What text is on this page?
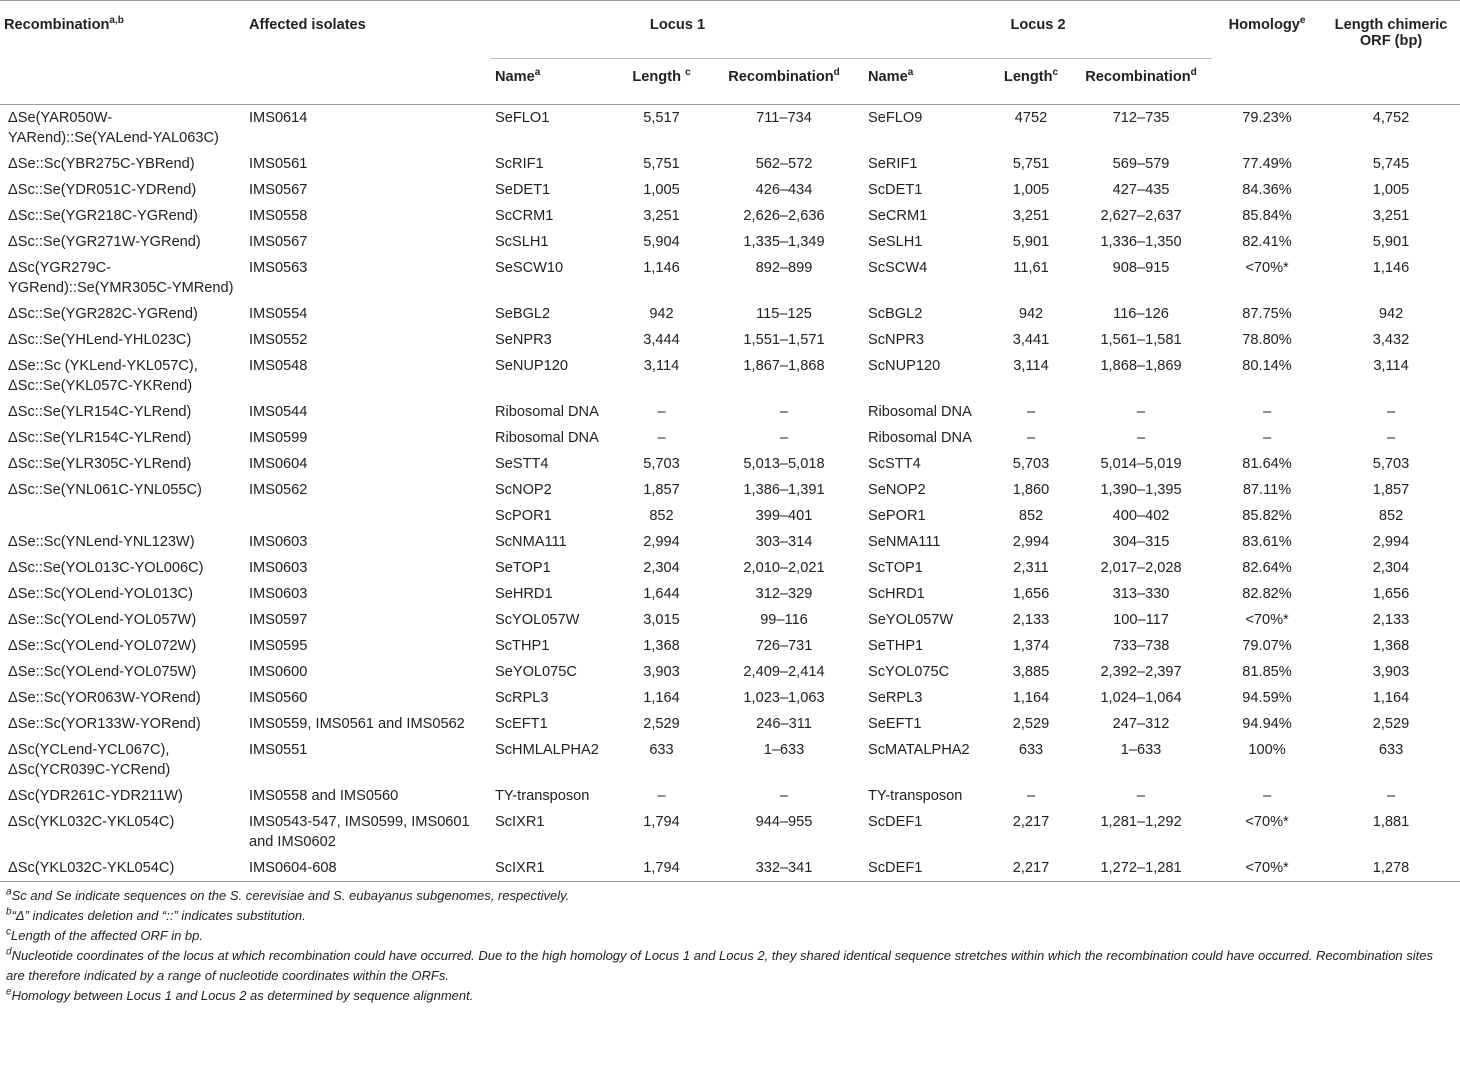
Recombination$^{a,b}$	Affected isolates	Locus 1			Locus 2			Homology$^e$	Length chimeric ORF (bp)
		Name$^a$	Length $^c$	Recombination$^d$	Name$^a$	Length$^c$	Recombination$^d$		
ΔSe(YAR050W-YARend)::Se(YALend-YAL063C)	IMS0614	SeFLO1	5,517	711–734	SeFLO9	4752	712–735	79.23%	4,752
ΔSe::Sc(YBR275C-YBRend)	IMS0561	ScRIF1	5,751	562–572	SeRIF1	5,751	569–579	77.49%	5,745
ΔSc::Se(YDR051C-YDRend)	IMS0567	SeDET1	1,005	426–434	ScDET1	1,005	427–435	84.36%	1,005
ΔSc::Se(YGR218C-YGRend)	IMS0558	ScCRM1	3,251	2,626–2,636	SeCRM1	3,251	2,627–2,637	85.84%	3,251
ΔSc::Se(YGR271W-YGRend)	IMS0567	ScSLH1	5,904	1,335–1,349	SeSLH1	5,901	1,336–1,350	82.41%	5,901
ΔSc(YGR279C-YGRend)::Se(YMR305C-YMRend)	IMS0563	SeSCW10	1,146	892–899	ScSCW4	11,61	908–915	<70%*	1,146
ΔSc::Se(YGR282C-YGRend)	IMS0554	SeBGL2	942	115–125	ScBGL2	942	116–126	87.75%	942
ΔSc::Se(YHLend-YHL023C)	IMS0552	SeNPR3	3,444	1,551–1,571	ScNPR3	3,441	1,561–1,581	78.80%	3,432
ΔSe::Sc (YKLend-YKL057C), ΔSc::Se(YKL057C-YKRend)	IMS0548	SeNUP120	3,114	1,867–1,868	ScNUP120	3,114	1,868–1,869	80.14%	3,114
ΔSc::Se(YLR154C-YLRend)	IMS0544	Ribosomal DNA	–	–	Ribosomal DNA	–	–	–	–
ΔSc::Se(YLR154C-YLRend)	IMS0599	Ribosomal DNA	–	–	Ribosomal DNA	–	–	–	–
ΔSc::Se(YLR305C-YLRend)	IMS0604	SeSTT4	5,703	5,013–5,018	ScSTT4	5,703	5,014–5,019	81.64%	5,703
ΔSc::Se(YNL061C-YNL055C)	IMS0562	ScNOP2	1,857	1,386–1,391	SeNOP2	1,860	1,390–1,395	87.11%	1,857
		ScPOR1	852	399–401	SePOR1	852	400–402	85.82%	852
ΔSe::Sc(YNLend-YNL123W)	IMS0603	ScNMA111	2,994	303–314	SeNMA111	2,994	304–315	83.61%	2,994
ΔSc::Se(YOL013C-YOL006C)	IMS0603	SeTOP1	2,304	2,010–2,021	ScTOP1	2,311	2,017–2,028	82.64%	2,304
ΔSe::Sc(YOLend-YOL013C)	IMS0603	SeHRD1	1,644	312–329	ScHRD1	1,656	313–330	82.82%	1,656
ΔSe::Sc(YOLend-YOL057W)	IMS0597	ScYOL057W	3,015	99–116	SeYOL057W	2,133	100–117	<70%*	2,133
ΔSe::Sc(YOLend-YOL072W)	IMS0595	ScTHP1	1,368	726–731	SeTHP1	1,374	733–738	79.07%	1,368
ΔSe::Sc(YOLend-YOL075W)	IMS0600	SeYOL075C	3,903	2,409–2,414	ScYOL075C	3,885	2,392–2,397	81.85%	3,903
ΔSe::Sc(YOR063W-YORend)	IMS0560	ScRPL3	1,164	1,023–1,063	SeRPL3	1,164	1,024–1,064	94.59%	1,164
ΔSe::Sc(YOR133W-YORend)	IMS0559, IMS0561 and IMS0562	ScEFT1	2,529	246–311	SeEFT1	2,529	247–312	94.94%	2,529
ΔSc(YCLend-YCL067C), ΔSc(YCR039C-YCRend)	IMS0551	ScHMLALPHA2	633	1–633	ScMATALPHA2	633	1–633	100%	633
ΔSc(YDR261C-YDR211W)	IMS0558 and IMS0560	TY-transposon	–	–	TY-transposon	–	–	–	–
ΔSc(YKL032C-YKL054C)	IMS0543-547, IMS0599, IMS0601 and IMS0602	ScIXR1	1,794	944–955	ScDEF1	2,217	1,281–1,292	<70%*	1,881
ΔSc(YKL032C-YKL054C)	IMS0604-608	ScIXR1	1,794	332–341	ScDEF1	2,217	1,272–1,281	<70%*	1,278
$^a$Sc and Se indicate sequences on the S. cerevisiae and S. eubayanus subgenomes, respectively.
$^b$“Δ” indicates deletion and “::” indicates substitution.
$^c$Length of the affected ORF in bp.
$^d$Nucleotide coordinates of the locus at which recombination could have occurred. Due to the high homology of Locus 1 and Locus 2, they shared identical sequence stretches within which the recombination could have occurred. Recombination sites are therefore indicated by a range of nucleotide coordinates within the ORFs.
$^e$Homology between Locus 1 and Locus 2 as determined by sequence alignment.
